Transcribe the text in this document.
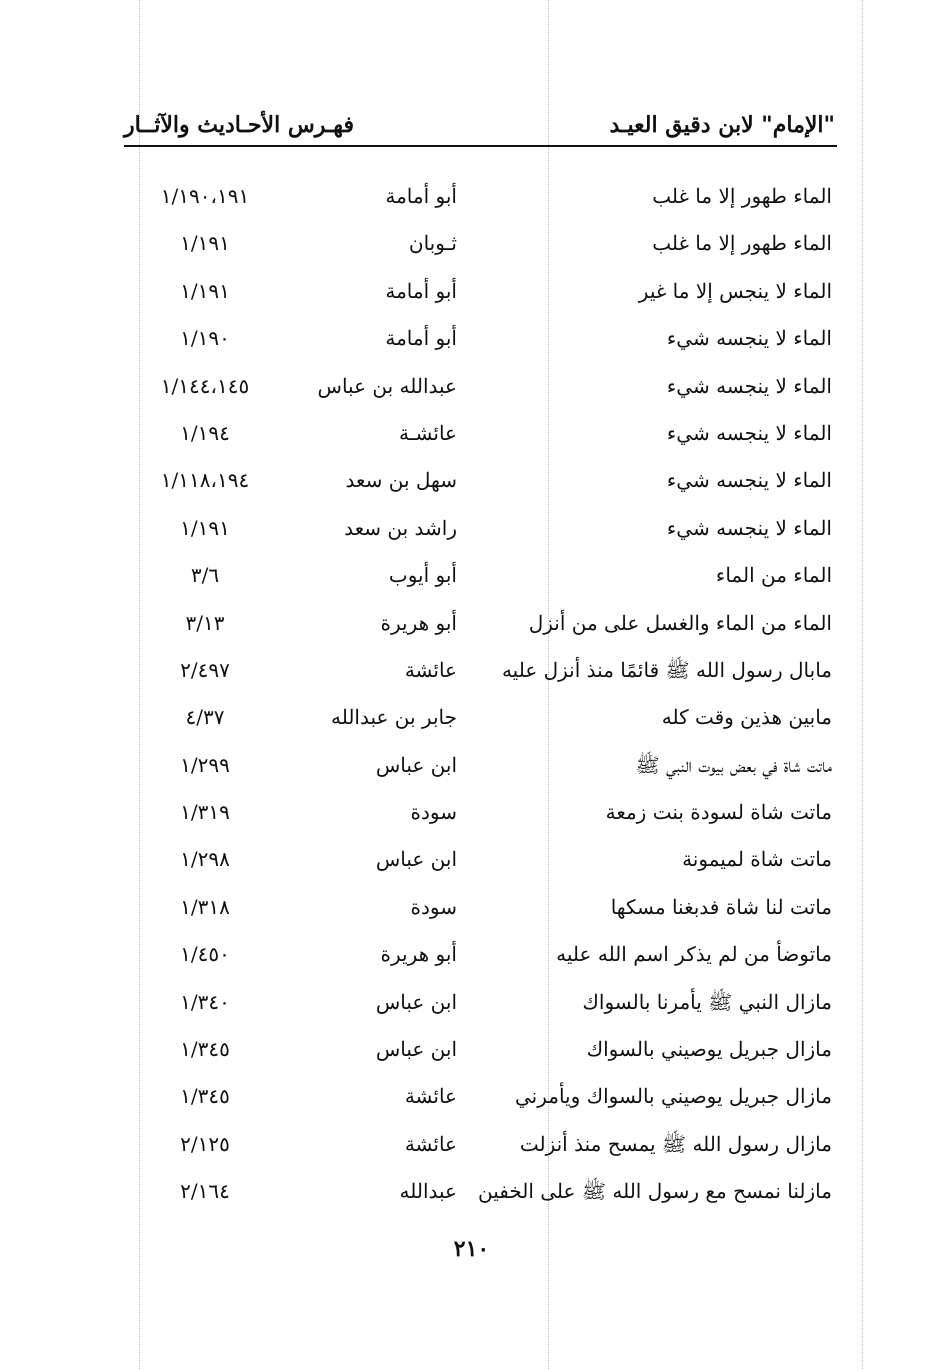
"الإمام" لابن دقيق العيـد
فهـرس الأحـاديث والآثــار
الماء طهور إلا ما غلب
أبو أمامة
١/١٩٠،١٩١
الماء طهور إلا ما غلب
ثـوبان
١/١٩١
الماء لا ينجس إلا ما غير
أبو أمامة
١/١٩١
الماء لا ينجسه شيء
أبو أمامة
١/١٩٠
الماء لا ينجسه شيء
عبدالله بن عباس
١/١٤٤،١٤٥
الماء لا ينجسه شيء
عائشـة
١/١٩٤
الماء لا ينجسه شيء
سهل بن سعد
١/١١٨،١٩٤
الماء لا ينجسه شيء
راشد بن سعد
١/١٩١
الماء من الماء
أبو أيوب
٣/٦
الماء من الماء والغسل على من أنزل
أبو هريرة
٣/١٣
مابال رسول الله ﷺ قائمًا منذ أنزل عليه
عائشة
٢/٤٩٧
مابين هذين وقت كله
جابر بن عبدالله
٤/٣٧
ماتت شاة في بعض بيوت النبي ﷺ
ابن عباس
١/٢٩٩
ماتت شاة لسودة بنت زمعة
سودة
١/٣١٩
ماتت شاة لميمونة
ابن عباس
١/٢٩٨
ماتت لنا شاة فدبغنا مسكها
سودة
١/٣١٨
ماتوضأ من لم يذكر اسم الله عليه
أبو هريرة
١/٤٥٠
مازال النبي ﷺ يأمرنا بالسواك
ابن عباس
١/٣٤٠
مازال جبريل يوصيني بالسواك
ابن عباس
١/٣٤٥
مازال جبريل يوصيني بالسواك ويأمرني
عائشة
١/٣٤٥
مازال رسول الله ﷺ يمسح منذ أنزلت
عائشة
٢/١٢٥
مازلنا نمسح مع رسول الله ﷺ على الخفين
عبدالله
٢/١٦٤
٢١٠
